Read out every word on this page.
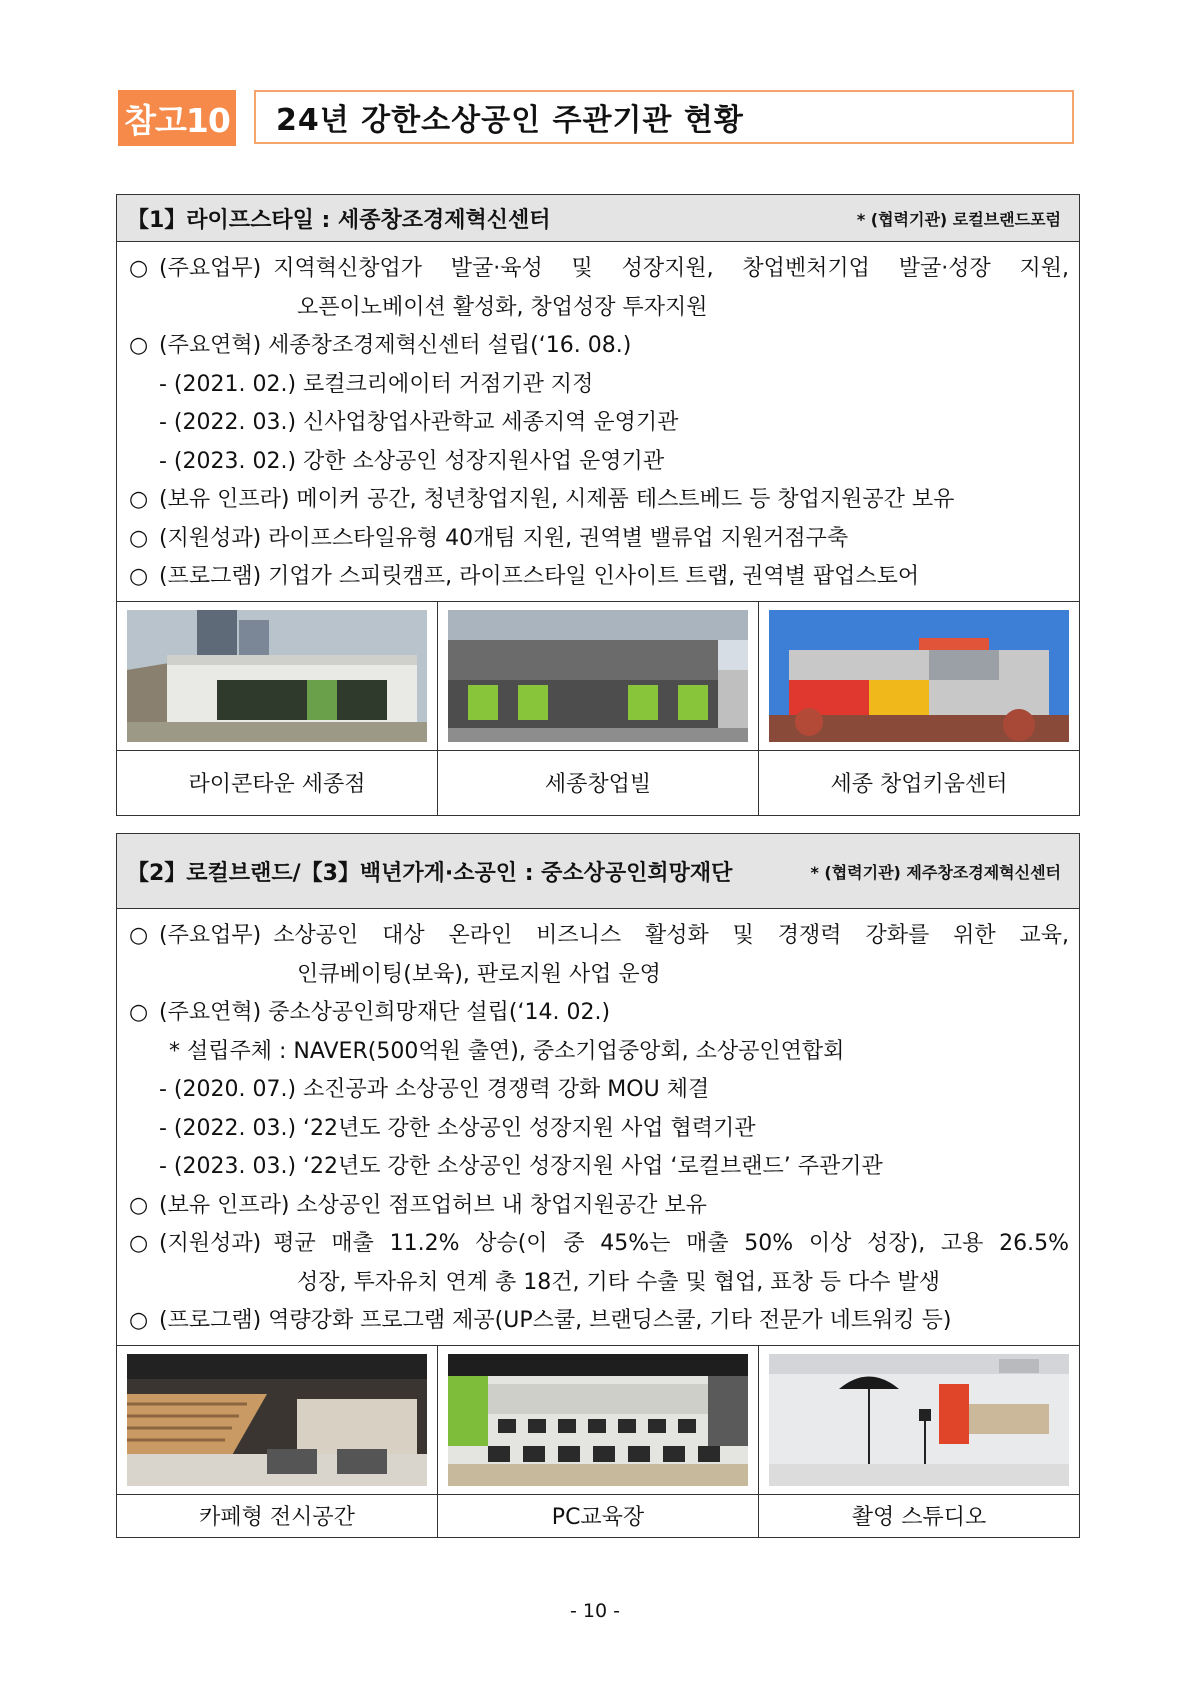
참고10	24년 강한소상공인 주관기관 현황
【1】라이프스타일 : 세종창조경제혁신센터	* (협력기관) 로컬브랜드포럼
○ (주요업무) 지역혁신창업가 발굴·육성 및 성장지원, 창업벤처기업 발굴·성장 지원,
오픈이노베이션 활성화, 창업성장 투자지원
○ (주요연혁) 세종창조경제혁신센터 설립(‘16. 08.)
- (2021. 02.) 로컬크리에이터 거점기관 지정
- (2022. 03.) 신사업창업사관학교 세종지역 운영기관
- (2023. 02.) 강한 소상공인 성장지원사업 운영기관
○ (보유 인프라) 메이커 공간, 청년창업지원, 시제품 테스트베드 등 창업지원공간 보유
○ (지원성과) 라이프스타일유형 40개팀 지원, 권역별 밸류업 지원거점구축
○ (프로그램) 기업가 스피릿캠프, 라이프스타일 인사이트 트랩, 권역별 팝업스토어
라이콘타운 세종점	세종창업빌	세종 창업키움센터
【2】로컬브랜드/【3】백년가게·소공인 : 중소상공인희망재단	* (협력기관) 제주창조경제혁신센터
○ (주요업무) 소상공인 대상 온라인 비즈니스 활성화 및 경쟁력 강화를 위한 교육,
인큐베이팅(보육), 판로지원 사업 운영
○ (주요연혁) 중소상공인희망재단 설립(‘14. 02.)
* 설립주체 : NAVER(500억원 출연), 중소기업중앙회, 소상공인연합회
- (2020. 07.) 소진공과 소상공인 경쟁력 강화 MOU 체결
- (2022. 03.) ‘22년도 강한 소상공인 성장지원 사업 협력기관
- (2023. 03.) ‘22년도 강한 소상공인 성장지원 사업 ‘로컬브랜드’ 주관기관
○ (보유 인프라) 소상공인 점프업허브 내 창업지원공간 보유
○ (지원성과) 평균 매출 11.2% 상승(이 중 45%는 매출 50% 이상 성장), 고용 26.5%
성장, 투자유치 연계 총 18건, 기타 수출 및 협업, 표창 등 다수 발생
○ (프로그램) 역량강화 프로그램 제공(UP스쿨, 브랜딩스쿨, 기타 전문가 네트워킹 등)
카페형 전시공간	PC교육장	촬영 스튜디오
- 10 -
